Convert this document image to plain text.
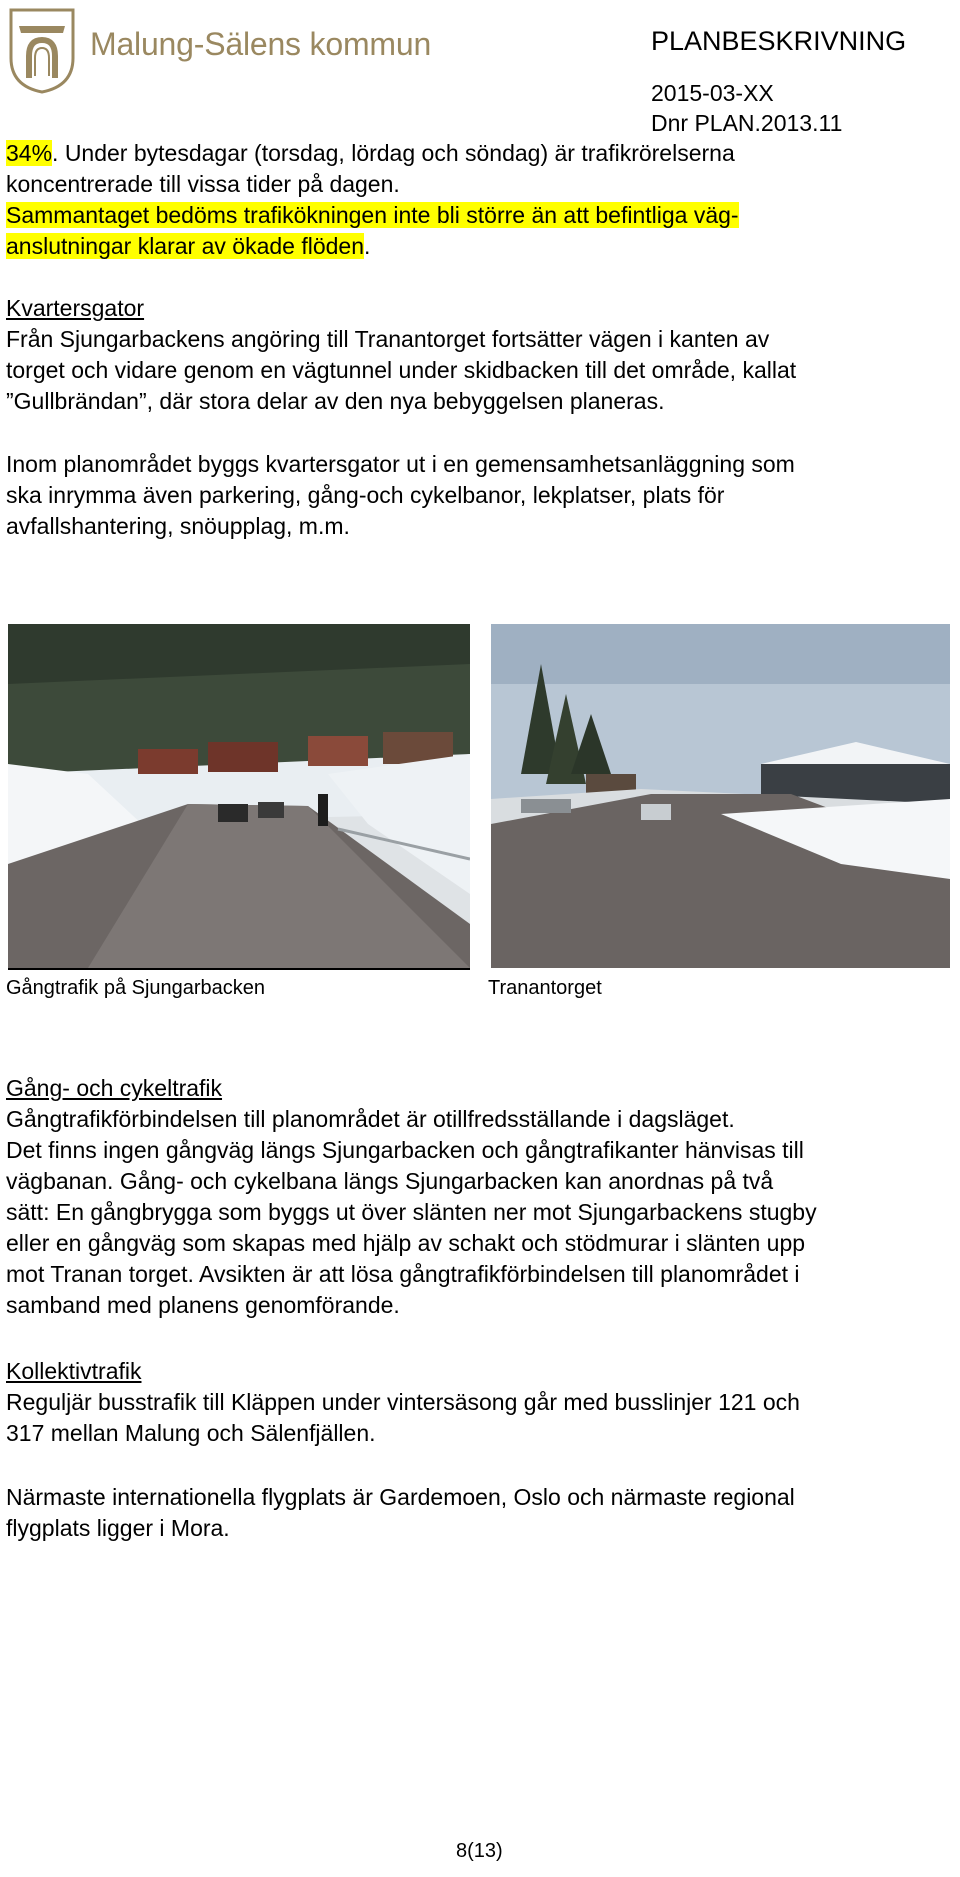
Malung-Sälens kommun	PLANBESKRIVNING
2015-03-XX
Dnr PLAN.2013.11
34%. Under bytesdagar (torsdag, lördag och söndag) är trafikrörelserna
koncentrerade till vissa tider på dagen.
Sammantaget bedöms trafikökningen inte bli större än att befintliga väg-
anslutningar klarar av ökade flöden.
Kvartersgator
Från Sjungarbackens angöring till Tranantorget fortsätter vägen i kanten av
torget och vidare genom en vägtunnel under skidbacken till det område, kallat
”Gullbrändan”, där stora delar av den nya bebyggelsen planeras.
Inom planområdet byggs kvartersgator ut i en gemensamhetsanläggning som
ska inrymma även parkering, gång-och cykelbanor, lekplatser, plats för
avfallshantering, snöupplag, m.m.
Gångtrafik på Sjungarbacken	Tranantorget
Gång- och cykeltrafik
Gångtrafikförbindelsen till planområdet är otillfredsställande i dagsläget.
Det finns ingen gångväg längs Sjungarbacken och gångtrafikanter hänvisas till
vägbanan. Gång- och cykelbana längs Sjungarbacken kan anordnas på två
sätt: En gångbrygga som byggs ut över slänten ner mot Sjungarbackens stugby
eller en gångväg som skapas med hjälp av schakt och stödmurar i slänten upp
mot Tranan torget. Avsikten är att lösa gångtrafikförbindelsen till planområdet i
samband med planens genomförande.
Kollektivtrafik
Reguljär busstrafik till Kläppen under vintersäsong går med busslinjer 121 och
317 mellan Malung och Sälenfjällen.
Närmaste internationella flygplats är Gardemoen, Oslo och närmaste regional
flygplats ligger i Mora.
8(13)
